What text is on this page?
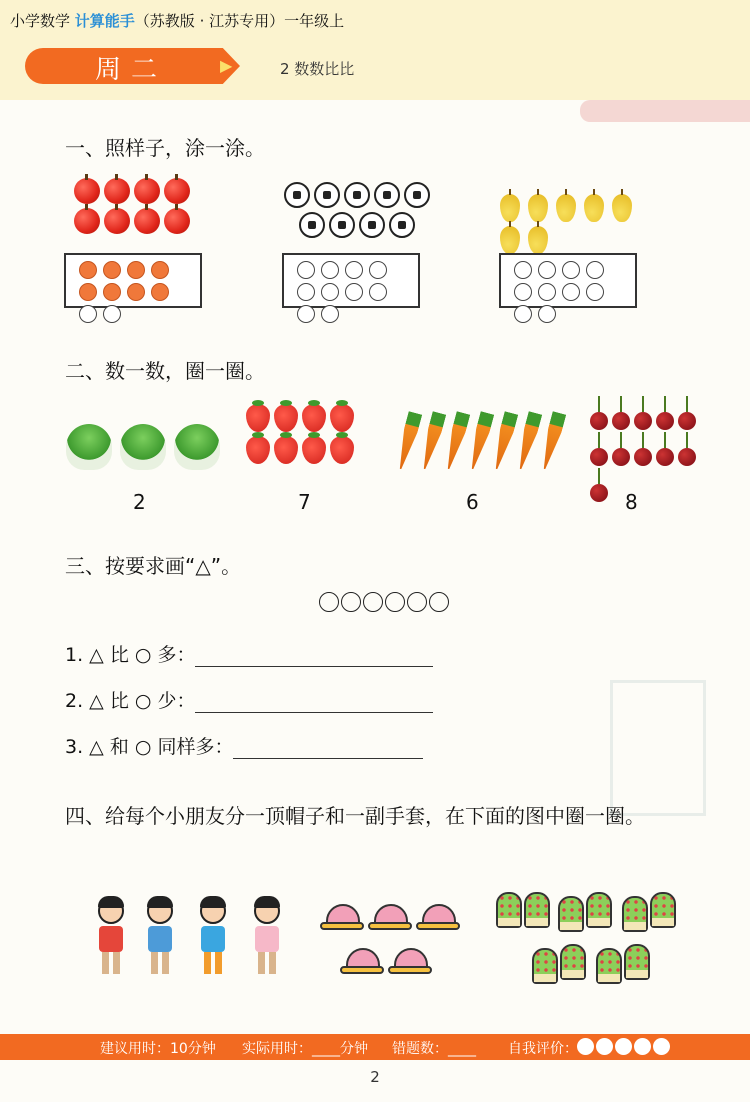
小学数学 计算能手（苏教版 · 江苏专用）一年级上
周二	▶	2 数数比比
一、照样子，涂一涂。
二、数一数，圈一圈。
2	7	6	8
三、按要求画“△”。
1. △ 比 ○ 多：
2. △ 比 ○ 少：
3. △ 和 ○ 同样多：
四、给每个小朋友分一顶帽子和一副手套，在下面的图中圈一圈。
建议用时：10分钟 实际用时：____分钟 错题数：____ 自我评价：
2
